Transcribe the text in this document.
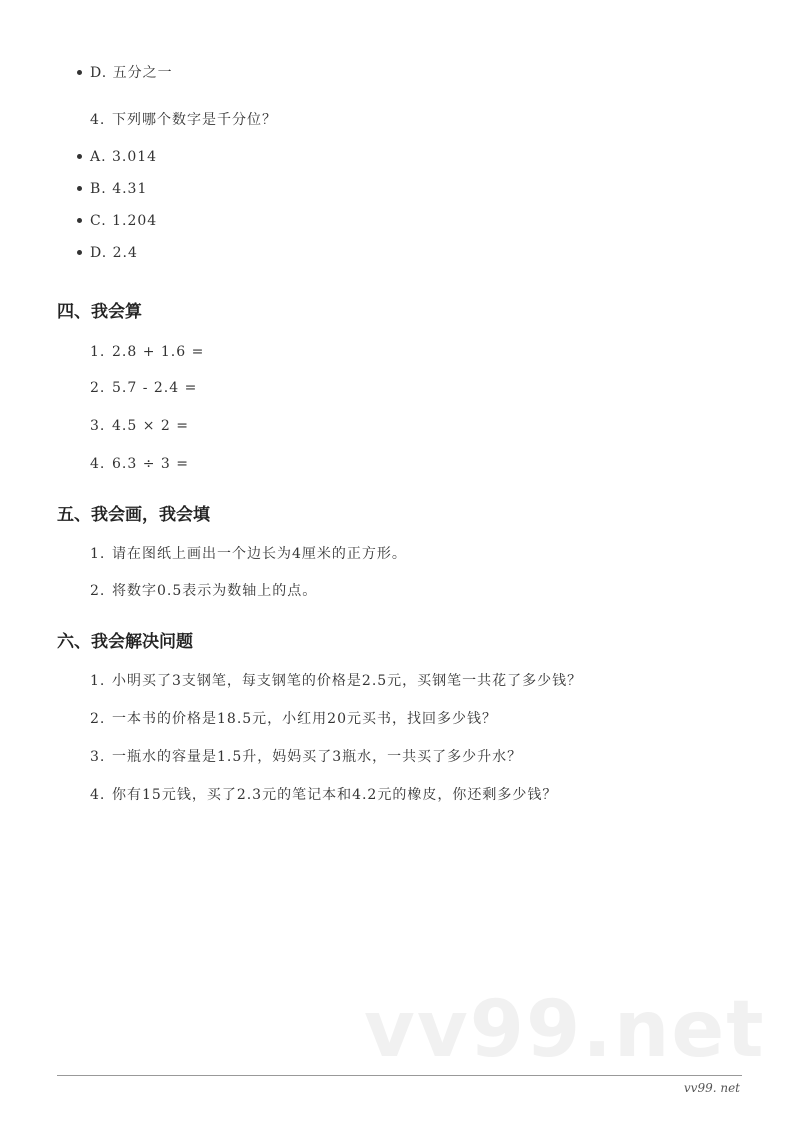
D. 五分之一
4. 下列哪个数字是千分位？
A. 3.014
B. 4.31
C. 1.204
D. 2.4
四、我会算
1. 2.8 + 1.6 =
2. 5.7 - 2.4 =
3. 4.5 × 2 =
4. 6.3 ÷ 3 =
五、我会画，我会填
1. 请在图纸上画出一个边长为4厘米的正方形。
2. 将数字0.5表示为数轴上的点。
六、我会解决问题
1. 小明买了3支钢笔，每支钢笔的价格是2.5元，买钢笔一共花了多少钱？
2. 一本书的价格是18.5元，小红用20元买书，找回多少钱？
3. 一瓶水的容量是1.5升，妈妈买了3瓶水，一共买了多少升水？
4. 你有15元钱，买了2.3元的笔记本和4.2元的橡皮，你还剩多少钱？
vv99.net
vv99. net
